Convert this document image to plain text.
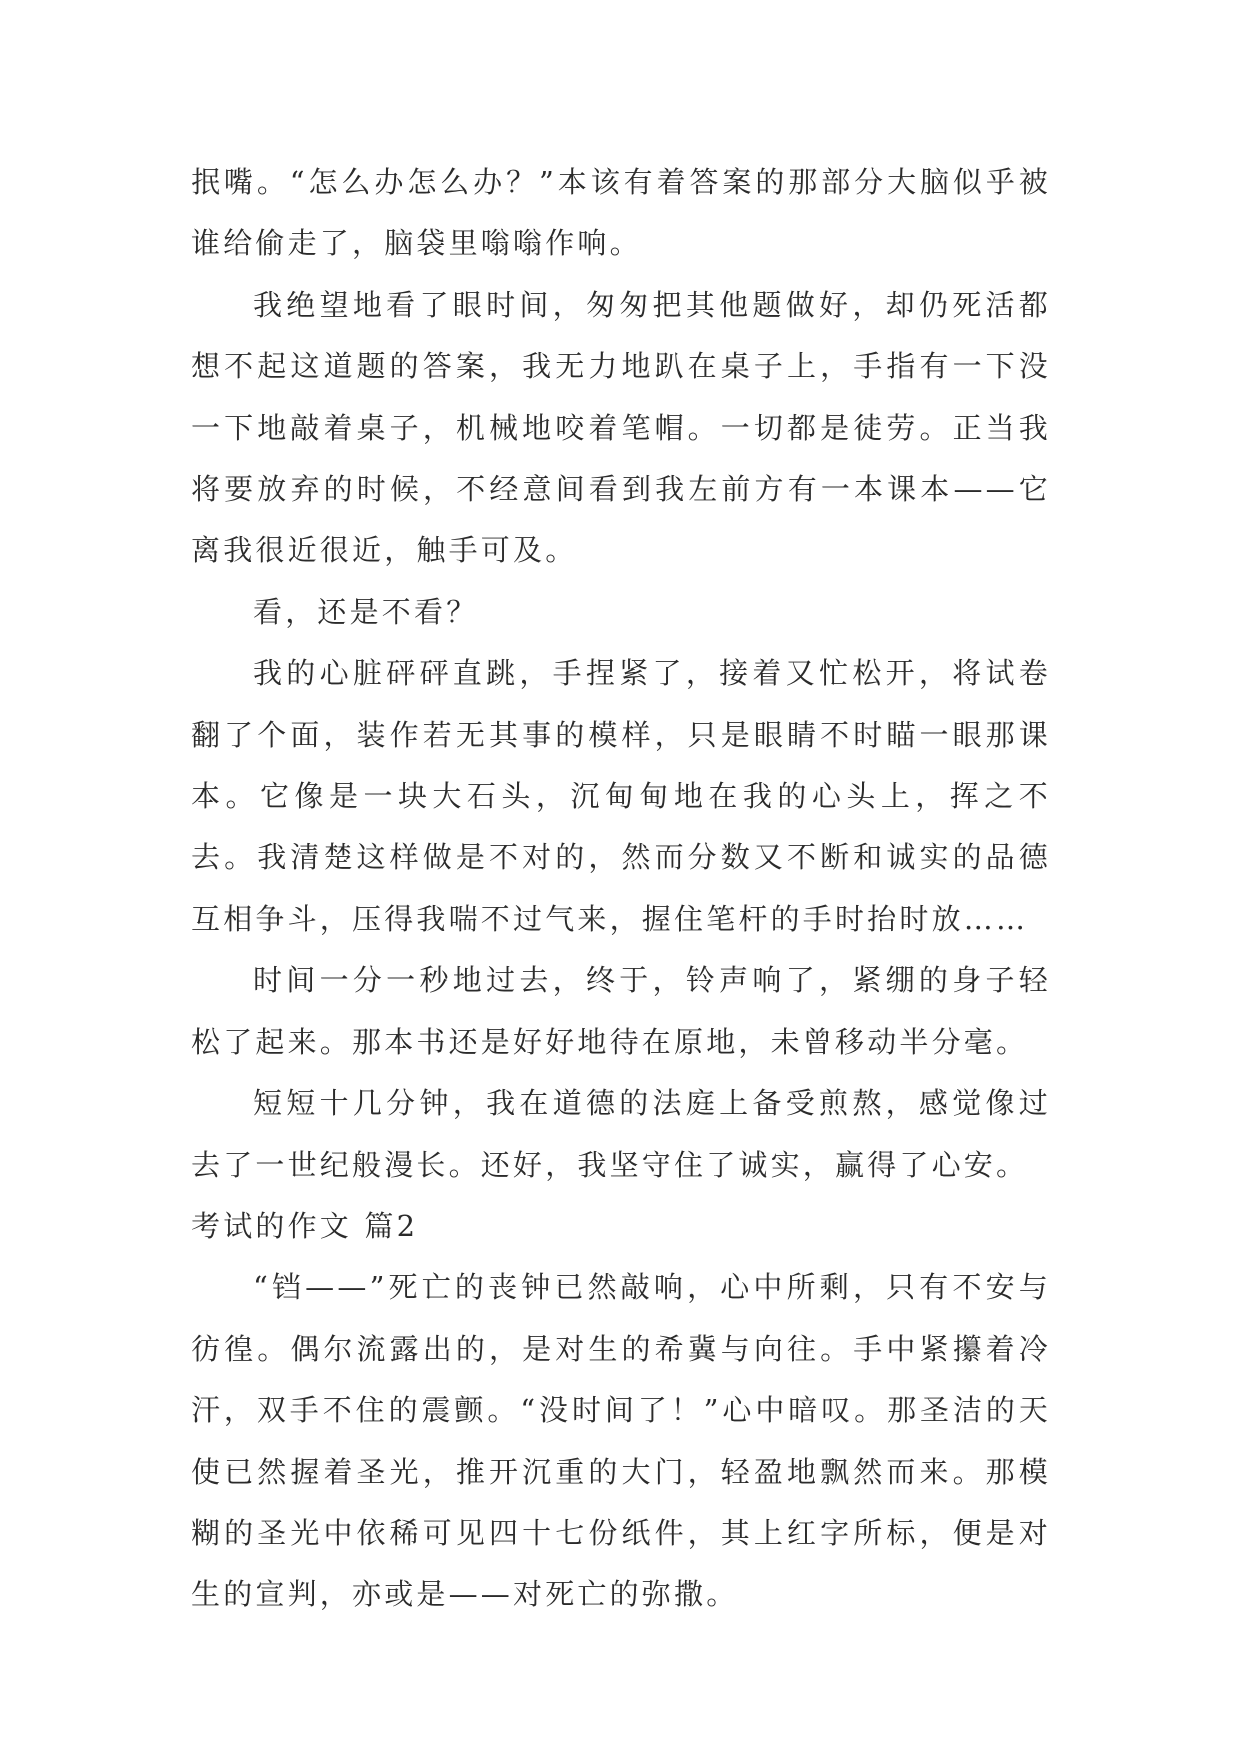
抿嘴。“怎么办怎么办？”本该有着答案的那部分大脑似乎被谁给偷走了，脑袋里嗡嗡作响。

我绝望地看了眼时间，匆匆把其他题做好，却仍死活都想不起这道题的答案，我无力地趴在桌子上，手指有一下没一下地敲着桌子，机械地咬着笔帽。一切都是徒劳。正当我将要放弃的时候，不经意间看到我左前方有一本课本——它离我很近很近，触手可及。

看，还是不看？

我的心脏砰砰直跳，手捏紧了，接着又忙松开，将试卷翻了个面，装作若无其事的模样，只是眼睛不时瞄一眼那课本。它像是一块大石头，沉甸甸地在我的心头上，挥之不去。我清楚这样做是不对的，然而分数又不断和诚实的品德互相争斗，压得我喘不过气来，握住笔杆的手时抬时放……

时间一分一秒地过去，终于，铃声响了，紧绷的身子轻松了起来。那本书还是好好地待在原地，未曾移动半分毫。

短短十几分钟，我在道德的法庭上备受煎熬，感觉像过去了一世纪般漫长。还好，我坚守住了诚实，赢得了心安。

考试的作文 篇2

“铛——”死亡的丧钟已然敲响，心中所剩，只有不安与彷徨。偶尔流露出的，是对生的希冀与向往。手中紧攥着冷汗，双手不住的震颤。“没时间了！”心中暗叹。那圣洁的天使已然握着圣光，推开沉重的大门，轻盈地飘然而来。那模糊的圣光中依稀可见四十七份纸件，其上红字所标，便是对生的宣判，亦或是——对死亡的弥撒。
